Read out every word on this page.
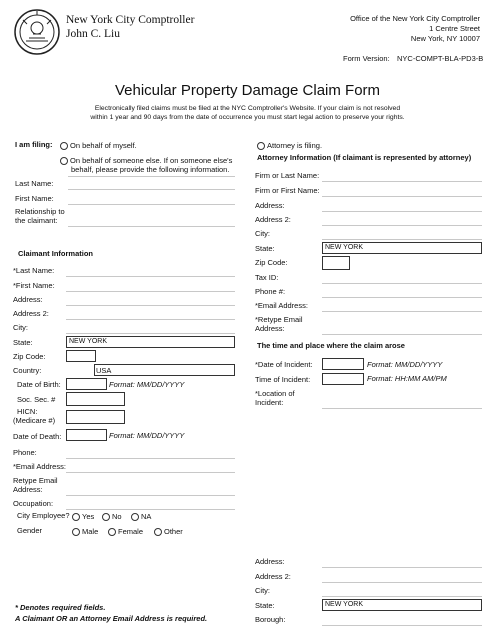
New York City Comptroller
John C. Liu
Office of the New York City Comptroller
1 Centre Street
New York, NY 10007
Form Version: NYC-COMPT-BLA-PD3-B
Vehicular Property Damage Claim Form
Electronically filed claims must be filed at the NYC Comptroller's Website. If your claim is not resolved
within 1 year and 90 days from the date of occurrence you must start legal action to preserve your rights.
I am filing:	On behalf of myself.
On behalf of someone else. If on someone else's
behalf, please provide the following information.
Last Name:
First Name:
Relationship to
the claimant:
Claimant Information
*Last Name:
*First Name:
Address:
Address 2:
City:
State:	NEW YORK
Zip Code:
Country:	USA
Date of Birth:	Format: MM/DD/YYYY
Soc. Sec. #
HICN:
(Medicare #)
Date of Death:	Format: MM/DD/YYYY
Phone:
*Email Address:
Retype Email
Address:
Occupation:
City Employee?	Yes	No	NA
Gender	Male	Female	Other
Attorney is filing.
Attorney Information (If claimant is represented by attorney)
Firm or Last Name:
Firm or First Name:
Address:
Address 2:
City:
State:	NEW YORK
Zip Code:
Tax ID:
Phone #:
*Email Address:
*Retype Email
Address:
The time and place where the claim arose
*Date of Incident:	Format: MM/DD/YYYY
Time of Incident:	Format: HH:MM AM/PM
*Location of
Incident:
Address:
Address 2:
City:
State:	NEW YORK
Borough:
* Denotes required fields.
A Claimant OR an Attorney Email Address is required.
